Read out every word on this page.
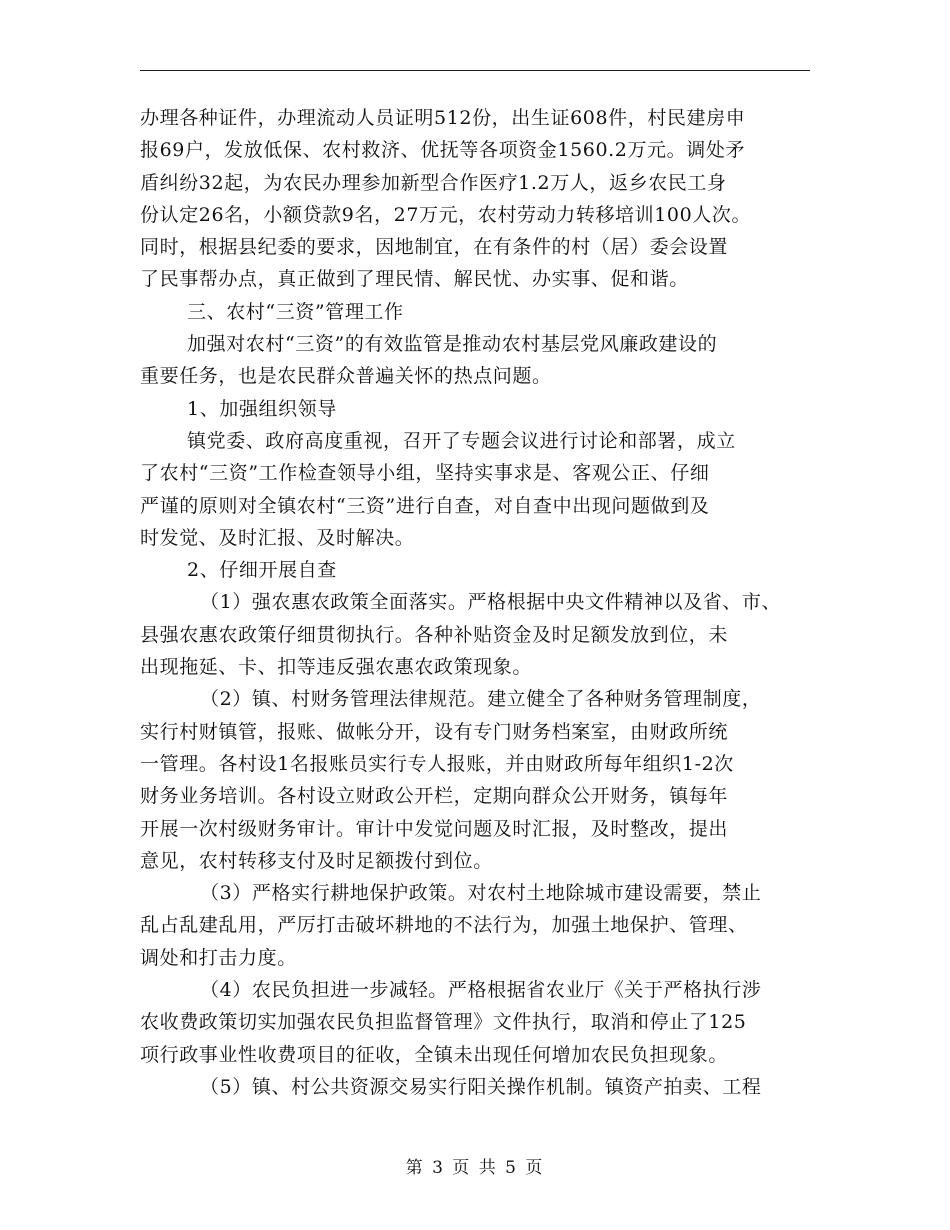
办理各种证件，办理流动人员证明512份，出生证608件，村民建房申
报69户，发放低保、农村救济、优抚等各项资金1560.2万元。调处矛
盾纠纷32起，为农民办理参加新型合作医疗1.2万人，返乡农民工身
份认定26名，小额贷款9名，27万元，农村劳动力转移培训100人次。
同时，根据县纪委的要求，因地制宜，在有条件的村（居）委会设置
了民事帮办点，真正做到了理民情、解民忧、办实事、促和谐。
三、农村“三资”管理工作
加强对农村“三资”的有效监管是推动农村基层党风廉政建设的
重要任务，也是农民群众普遍关怀的热点问题。
1、加强组织领导
镇党委、政府高度重视，召开了专题会议进行讨论和部署，成立
了农村“三资”工作检查领导小组，坚持实事求是、客观公正、仔细
严谨的原则对全镇农村“三资”进行自查，对自查中出现问题做到及
时发觉、及时汇报、及时解决。
2、仔细开展自查
（1）强农惠农政策全面落实。严格根据中央文件精神以及省、市、
县强农惠农政策仔细贯彻执行。各种补贴资金及时足额发放到位，未
出现拖延、卡、扣等违反强农惠农政策现象。
（2）镇、村财务管理法律规范。建立健全了各种财务管理制度，
实行村财镇管，报账、做帐分开，设有专门财务档案室，由财政所统
一管理。各村设1名报账员实行专人报账，并由财政所每年组织1-2次
财务业务培训。各村设立财政公开栏，定期向群众公开财务，镇每年
开展一次村级财务审计。审计中发觉问题及时汇报，及时整改，提出
意见，农村转移支付及时足额拨付到位。
（3）严格实行耕地保护政策。对农村土地除城市建设需要，禁止
乱占乱建乱用，严厉打击破坏耕地的不法行为，加强土地保护、管理、
调处和打击力度。
（4）农民负担进一步减轻。严格根据省农业厅《关于严格执行涉
农收费政策切实加强农民负担监督管理》文件执行，取消和停止了125
项行政事业性收费项目的征收，全镇未出现任何增加农民负担现象。
（5）镇、村公共资源交易实行阳关操作机制。镇资产拍卖、工程
第 3 页 共 5 页
